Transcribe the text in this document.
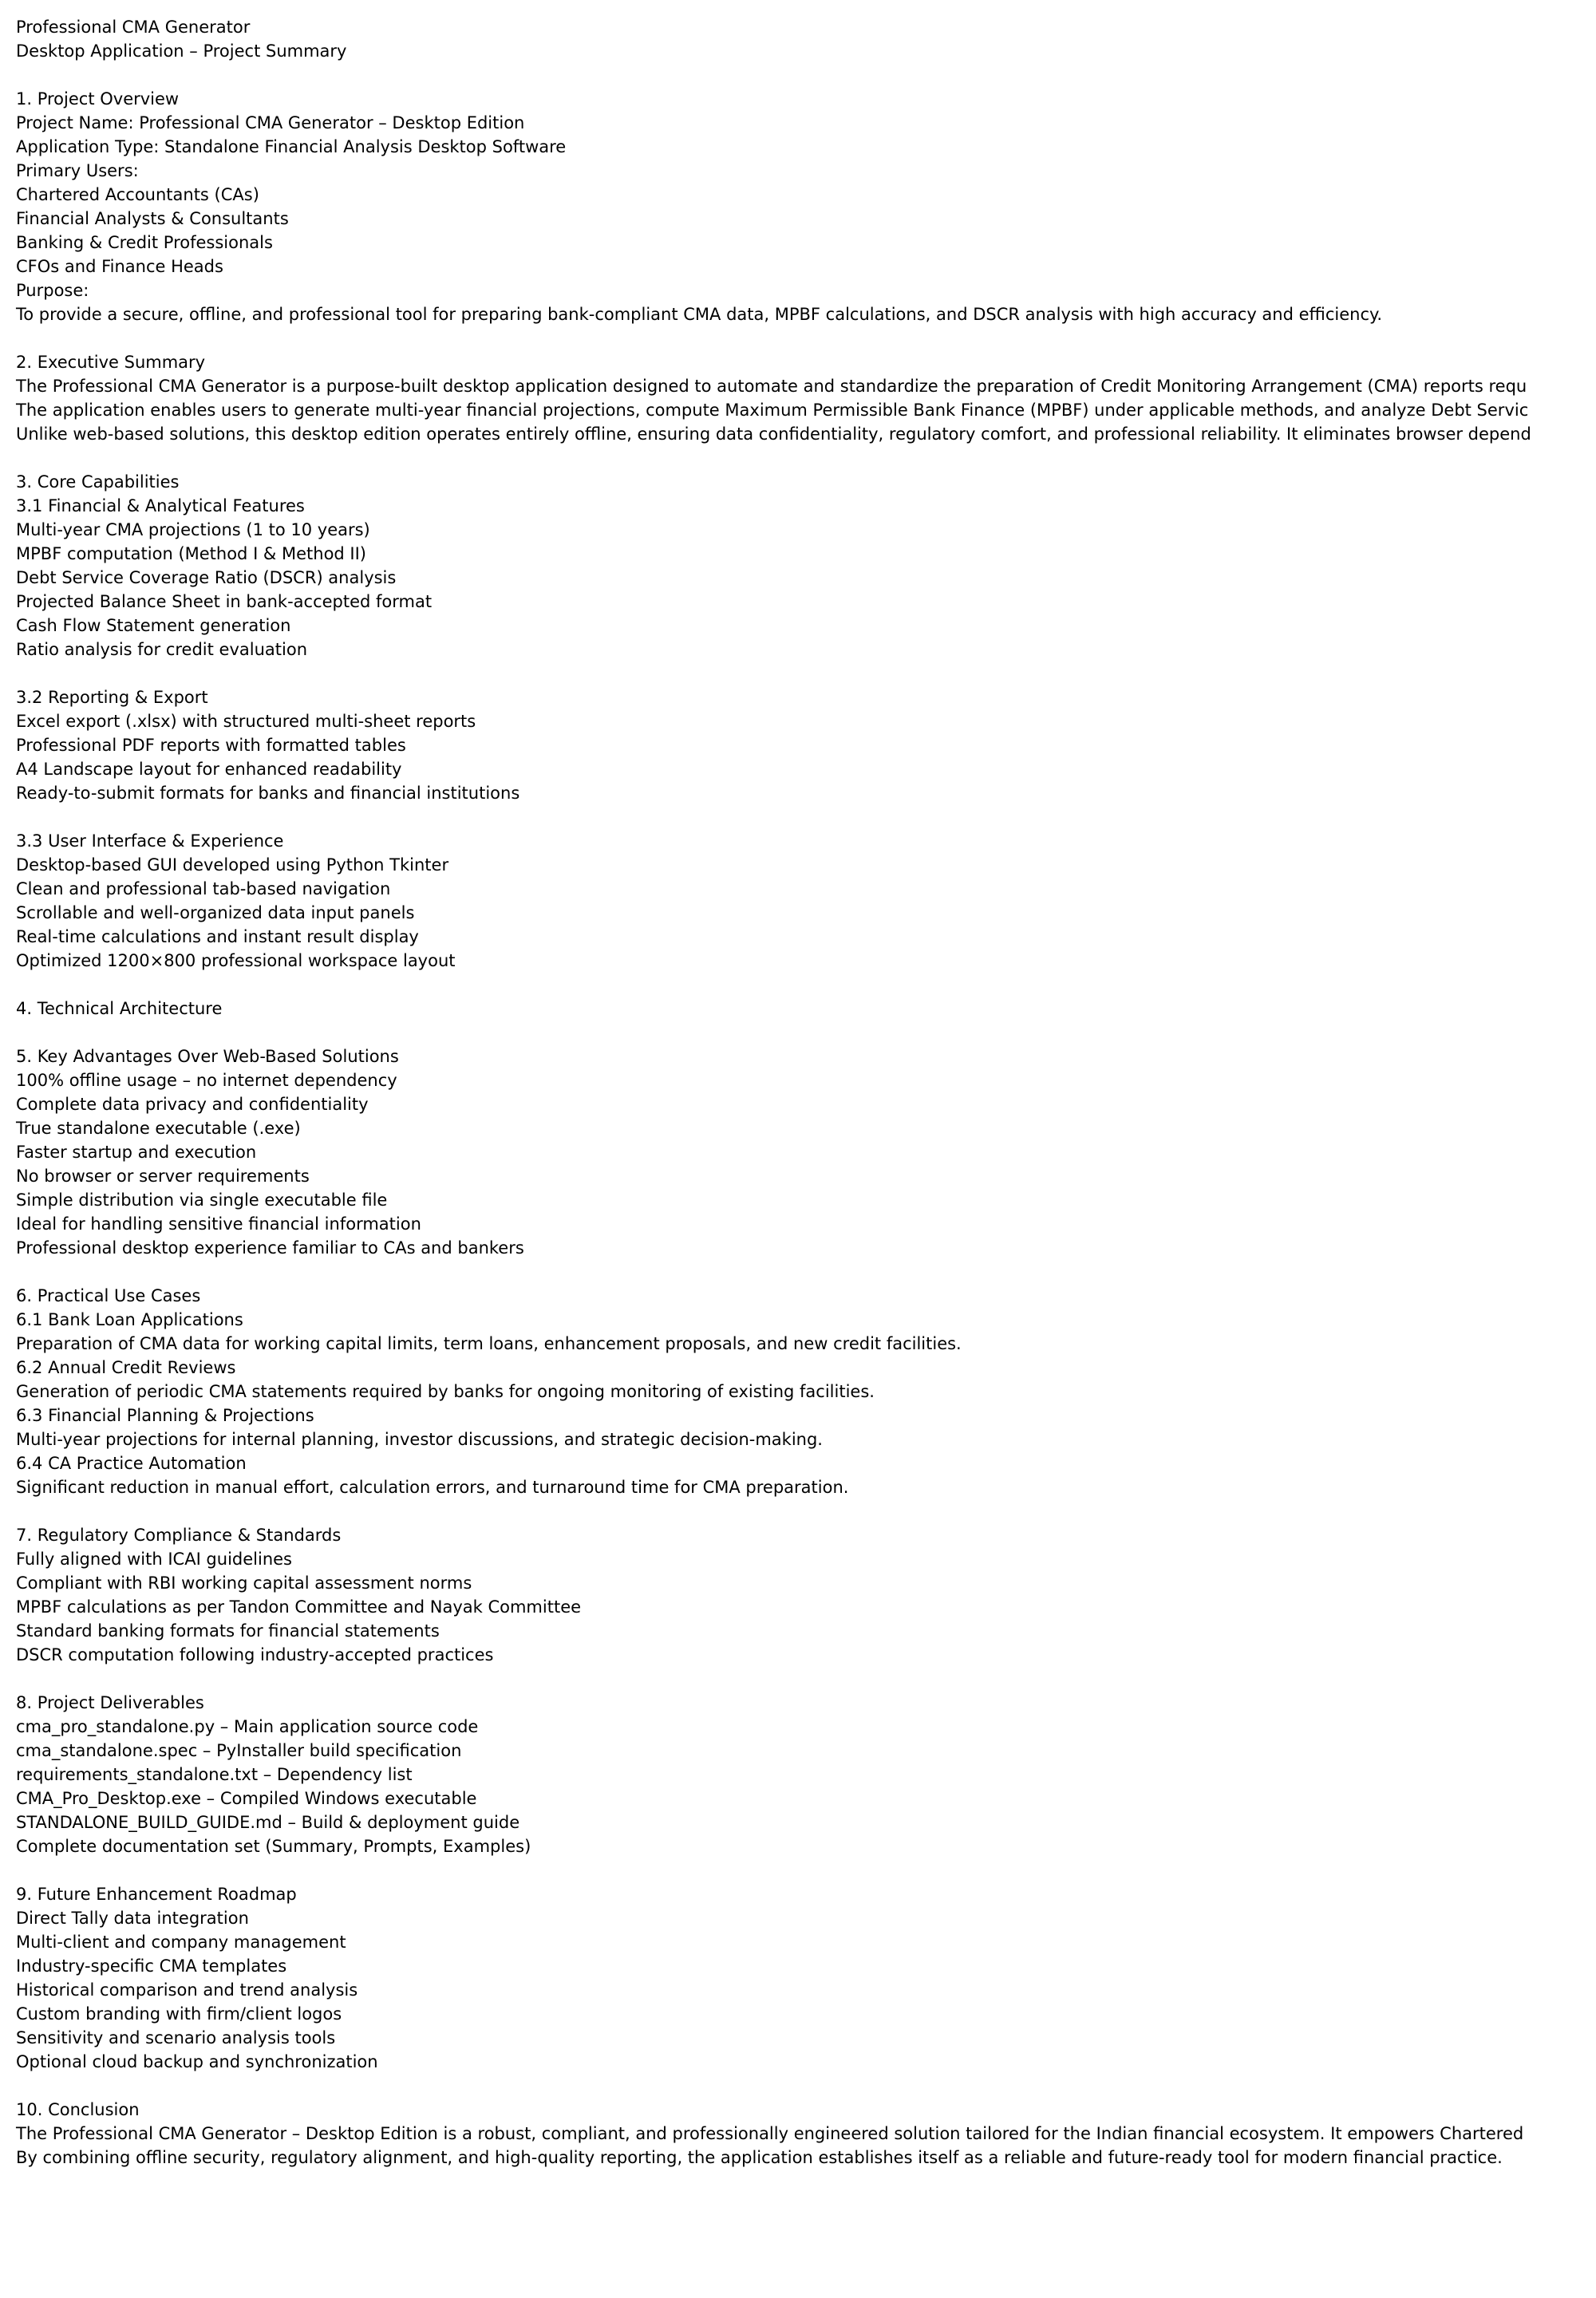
Professional CMA Generator
Desktop Application – Project Summary
1. Project Overview
Project Name: Professional CMA Generator – Desktop Edition
Application Type: Standalone Financial Analysis Desktop Software
Primary Users:
Chartered Accountants (CAs)
Financial Analysts & Consultants
Banking & Credit Professionals
CFOs and Finance Heads
Purpose:
To provide a secure, offline, and professional tool for preparing bank-compliant CMA data, MPBF calculations, and DSCR analysis with high accuracy and efficiency.
2. Executive Summary
The Professional CMA Generator is a purpose-built desktop application designed to automate and standardize the preparation of Credit Monitoring Arrangement (CMA) reports requ
The application enables users to generate multi-year financial projections, compute Maximum Permissible Bank Finance (MPBF) under applicable methods, and analyze Debt Servic
Unlike web-based solutions, this desktop edition operates entirely offline, ensuring data confidentiality, regulatory comfort, and professional reliability. It eliminates browser depend
3. Core Capabilities
3.1 Financial & Analytical Features
Multi-year CMA projections (1 to 10 years)
MPBF computation (Method I & Method II)
Debt Service Coverage Ratio (DSCR) analysis
Projected Balance Sheet in bank-accepted format
Cash Flow Statement generation
Ratio analysis for credit evaluation
3.2 Reporting & Export
Excel export (.xlsx) with structured multi-sheet reports
Professional PDF reports with formatted tables
A4 Landscape layout for enhanced readability
Ready-to-submit formats for banks and financial institutions
3.3 User Interface & Experience
Desktop-based GUI developed using Python Tkinter
Clean and professional tab-based navigation
Scrollable and well-organized data input panels
Real-time calculations and instant result display
Optimized 1200×800 professional workspace layout
4. Technical Architecture
5. Key Advantages Over Web-Based Solutions
100% offline usage – no internet dependency
Complete data privacy and confidentiality
True standalone executable (.exe)
Faster startup and execution
No browser or server requirements
Simple distribution via single executable file
Ideal for handling sensitive financial information
Professional desktop experience familiar to CAs and bankers
6. Practical Use Cases
6.1 Bank Loan Applications
Preparation of CMA data for working capital limits, term loans, enhancement proposals, and new credit facilities.
6.2 Annual Credit Reviews
Generation of periodic CMA statements required by banks for ongoing monitoring of existing facilities.
6.3 Financial Planning & Projections
Multi-year projections for internal planning, investor discussions, and strategic decision-making.
6.4 CA Practice Automation
Significant reduction in manual effort, calculation errors, and turnaround time for CMA preparation.
7. Regulatory Compliance & Standards
Fully aligned with ICAI guidelines
Compliant with RBI working capital assessment norms
MPBF calculations as per Tandon Committee and Nayak Committee
Standard banking formats for financial statements
DSCR computation following industry-accepted practices
8. Project Deliverables
cma_pro_standalone.py – Main application source code
cma_standalone.spec – PyInstaller build specification
requirements_standalone.txt – Dependency list
CMA_Pro_Desktop.exe – Compiled Windows executable
STANDALONE_BUILD_GUIDE.md – Build & deployment guide
Complete documentation set (Summary, Prompts, Examples)
9. Future Enhancement Roadmap
Direct Tally data integration
Multi-client and company management
Industry-specific CMA templates
Historical comparison and trend analysis
Custom branding with firm/client logos
Sensitivity and scenario analysis tools
Optional cloud backup and synchronization
10. Conclusion
The Professional CMA Generator – Desktop Edition is a robust, compliant, and professionally engineered solution tailored for the Indian financial ecosystem. It empowers Chartered
By combining offline security, regulatory alignment, and high-quality reporting, the application establishes itself as a reliable and future-ready tool for modern financial practice.
